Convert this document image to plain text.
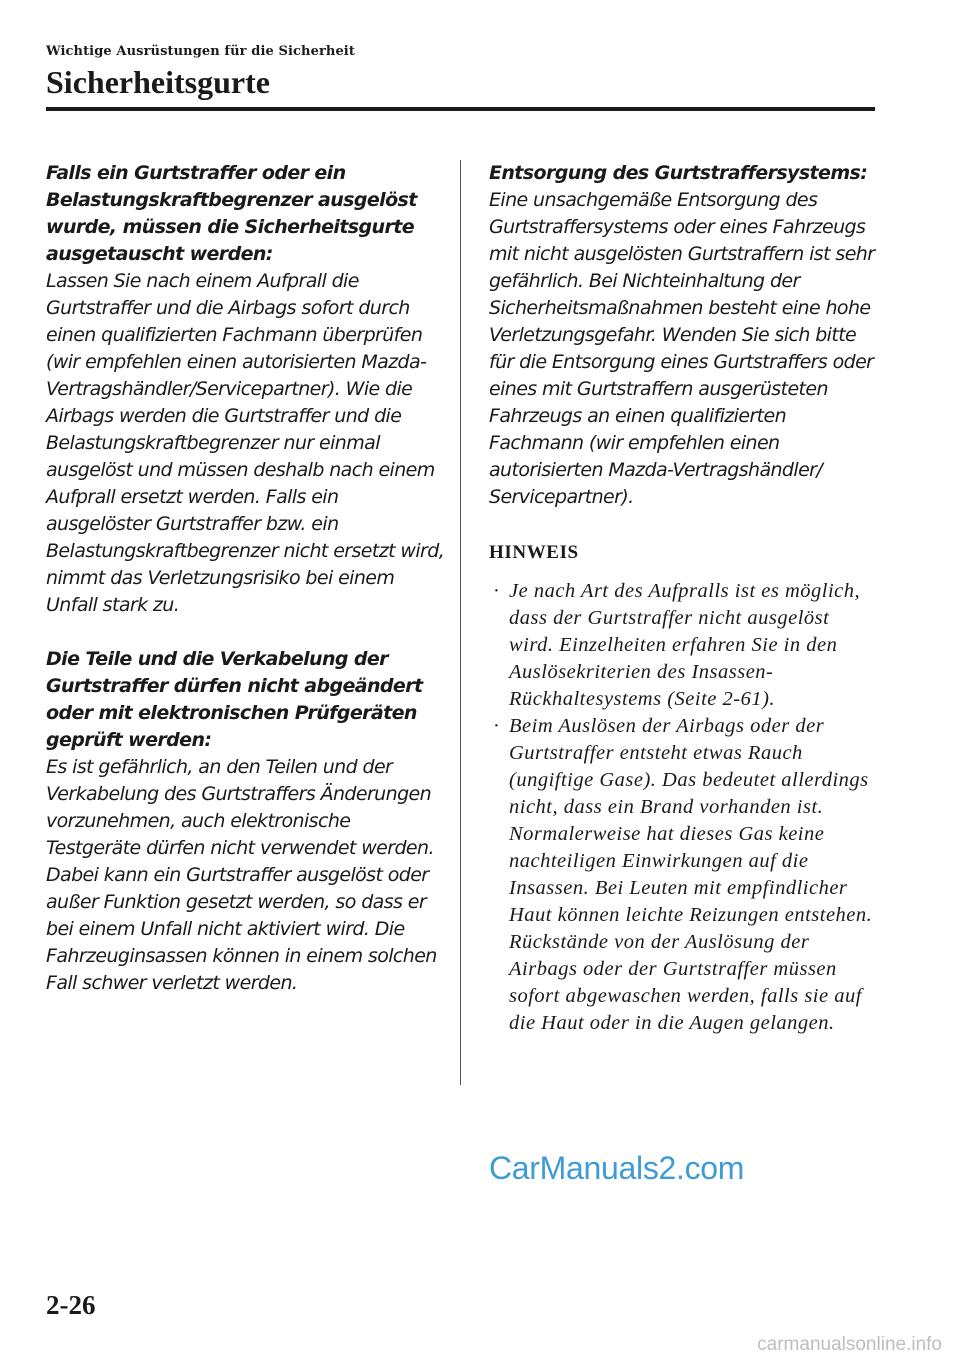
Wichtige Ausrüstungen für die Sicherheit
Sicherheitsgurte

Falls ein Gurtstraffer oder ein Belastungskraftbegrenzer ausgelöst wurde, müssen die Sicherheitsgurte ausgetauscht werden:

Lassen Sie nach einem Aufprall die Gurtstraffer und die Airbags sofort durch einen qualifizierten Fachmann überprüfen (wir empfehlen einen autorisierten Mazda-Vertragshändler/Servicepartner). Wie die Airbags werden die Gurtstraffer und die Belastungskraftbegrenzer nur einmal ausgelöst und müssen deshalb nach einem Aufprall ersetzt werden. Falls ein ausgelöster Gurtstraffer bzw. ein Belastungskraftbegrenzer nicht ersetzt wird, nimmt das Verletzungsrisiko bei einem Unfall stark zu.

Die Teile und die Verkabelung der Gurtstraffer dürfen nicht abgeändert oder mit elektronischen Prüfgeräten geprüft werden:

Es ist gefährlich, an den Teilen und der Verkabelung des Gurtstraffers Änderungen vorzunehmen, auch elektronische Testgeräte dürfen nicht verwendet werden. Dabei kann ein Gurtstraffer ausgelöst oder außer Funktion gesetzt werden, so dass er bei einem Unfall nicht aktiviert wird. Die Fahrzeuginsassen können in einem solchen Fall schwer verletzt werden.

Entsorgung des Gurtstraffersystems:

Eine unsachgemäße Entsorgung des Gurtstraffersystems oder eines Fahrzeugs mit nicht ausgelösten Gurtstraffern ist sehr gefährlich. Bei Nichteinhaltung der Sicherheitsmaßnahmen besteht eine hohe Verletzungsgefahr. Wenden Sie sich bitte für die Entsorgung eines Gurtstraffers oder eines mit Gurtstraffern ausgerüsteten Fahrzeugs an einen qualifizierten Fachmann (wir empfehlen einen autorisierten Mazda-Vertragshändler/ Servicepartner).

HINWEIS
· Je nach Art des Aufpralls ist es möglich, dass der Gurtstraffer nicht ausgelöst wird. Einzelheiten erfahren Sie in den Auslösekriterien des Insassen-Rückhaltesystems (Seite 2-61).
· Beim Auslösen der Airbags oder der Gurtstraffer entsteht etwas Rauch (ungiftige Gase). Das bedeutet allerdings nicht, dass ein Brand vorhanden ist. Normalerweise hat dieses Gas keine nachteiligen Einwirkungen auf die Insassen. Bei Leuten mit empfindlicher Haut können leichte Reizungen entstehen. Rückstände von der Auslösung der Airbags oder der Gurtstraffer müssen sofort abgewaschen werden, falls sie auf die Haut oder in die Augen gelangen.
CarManuals2.com
2-26
carmanualsonline.info
